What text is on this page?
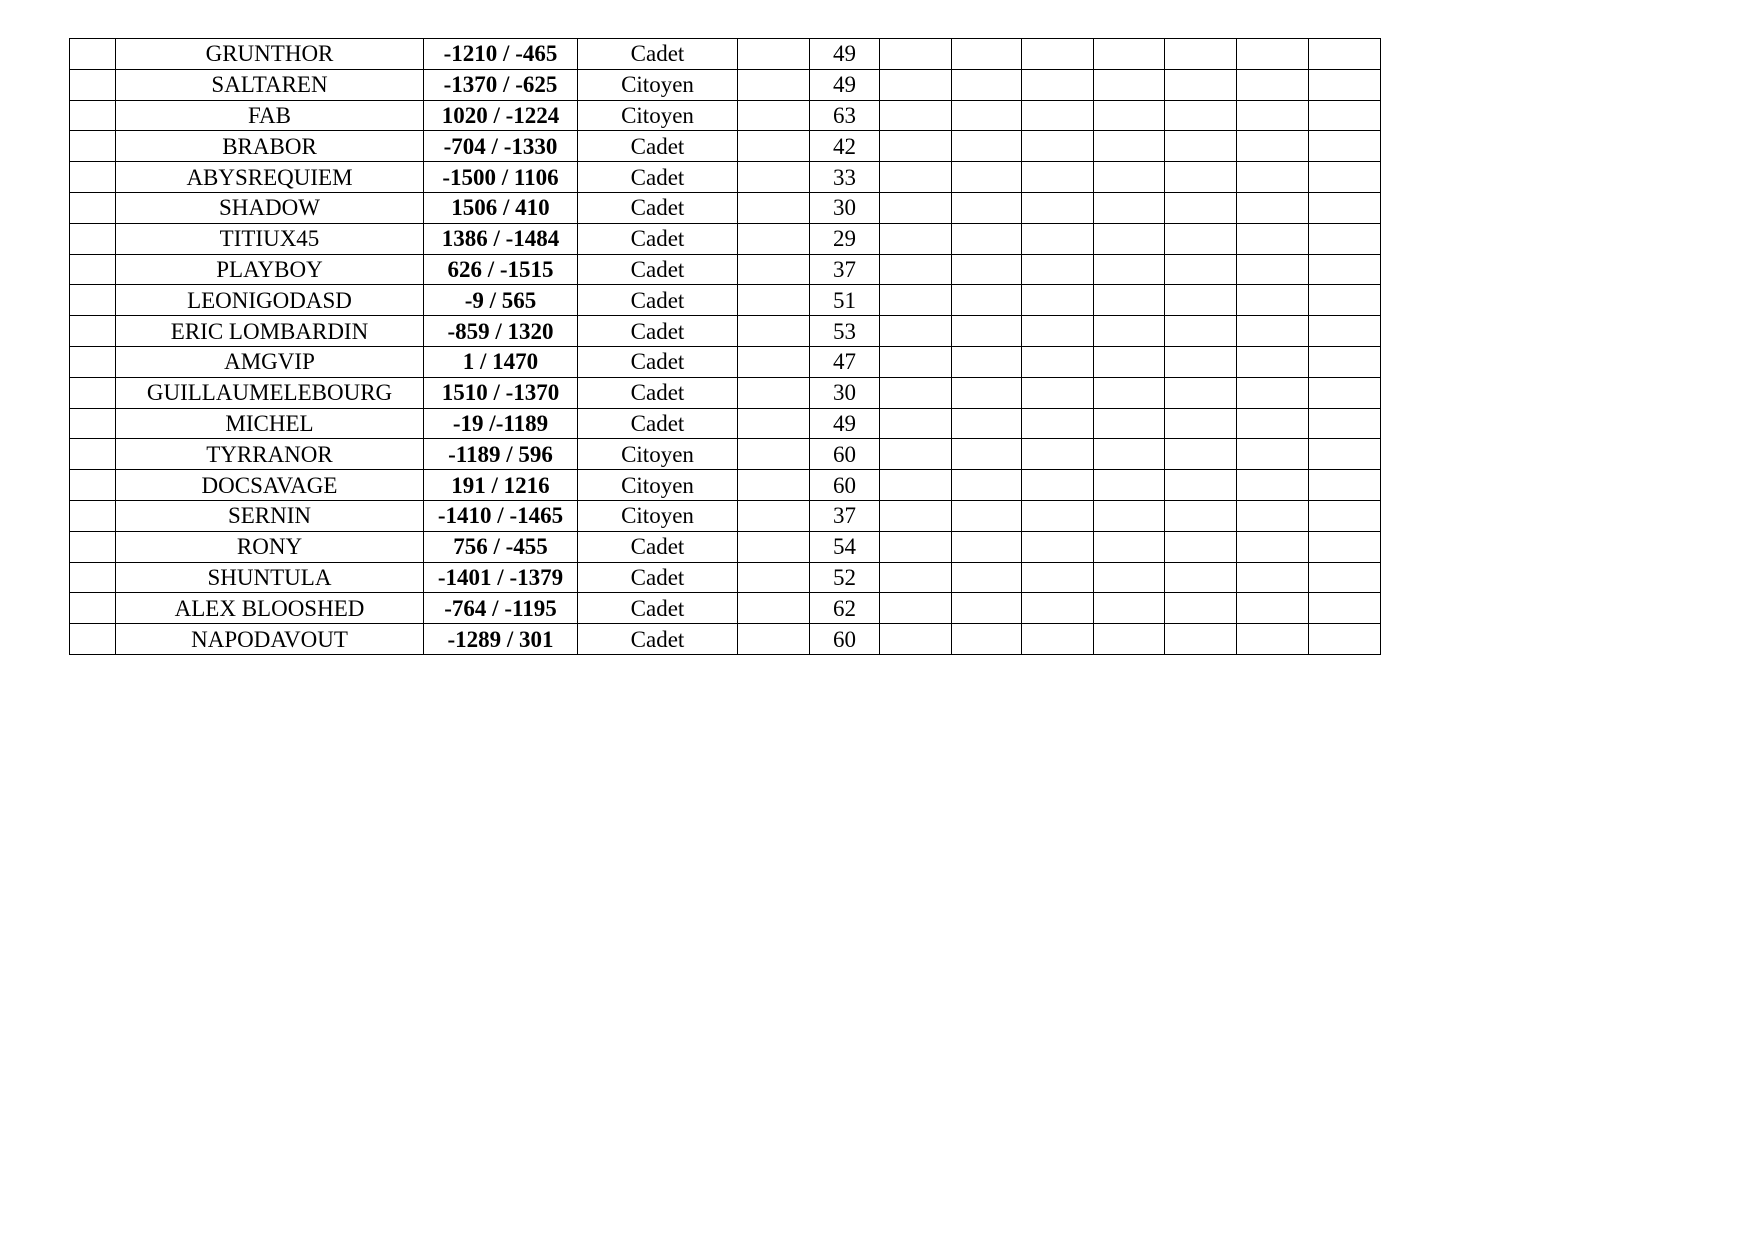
	GRUNTHOR	-1210 / -465	Cadet		49							
	SALTAREN	-1370 / -625	Citoyen		49							
	FAB	1020 / -1224	Citoyen		63							
	BRABOR	-704 / -1330	Cadet		42							
	ABYSREQUIEM	-1500 / 1106	Cadet		33							
	SHADOW	1506 / 410	Cadet		30							
	TITIUX45	1386 / -1484	Cadet		29							
	PLAYBOY	626 / -1515	Cadet		37							
	LEONIGODASD	-9 / 565	Cadet		51							
	ERIC LOMBARDIN	-859 / 1320	Cadet		53							
	AMGVIP	1 / 1470	Cadet		47							
	GUILLAUMELEBOURG	1510 / -1370	Cadet		30							
	MICHEL	-19 /-1189	Cadet		49							
	TYRRANOR	-1189 / 596	Citoyen		60							
	DOCSAVAGE	191 / 1216	Citoyen		60							
	SERNIN	-1410 / -1465	Citoyen		37							
	RONY	756 / -455	Cadet		54							
	SHUNTULA	-1401 / -1379	Cadet		52							
	ALEX BLOOSHED	-764 / -1195	Cadet		62							
	NAPODAVOUT	-1289 / 301	Cadet		60							
